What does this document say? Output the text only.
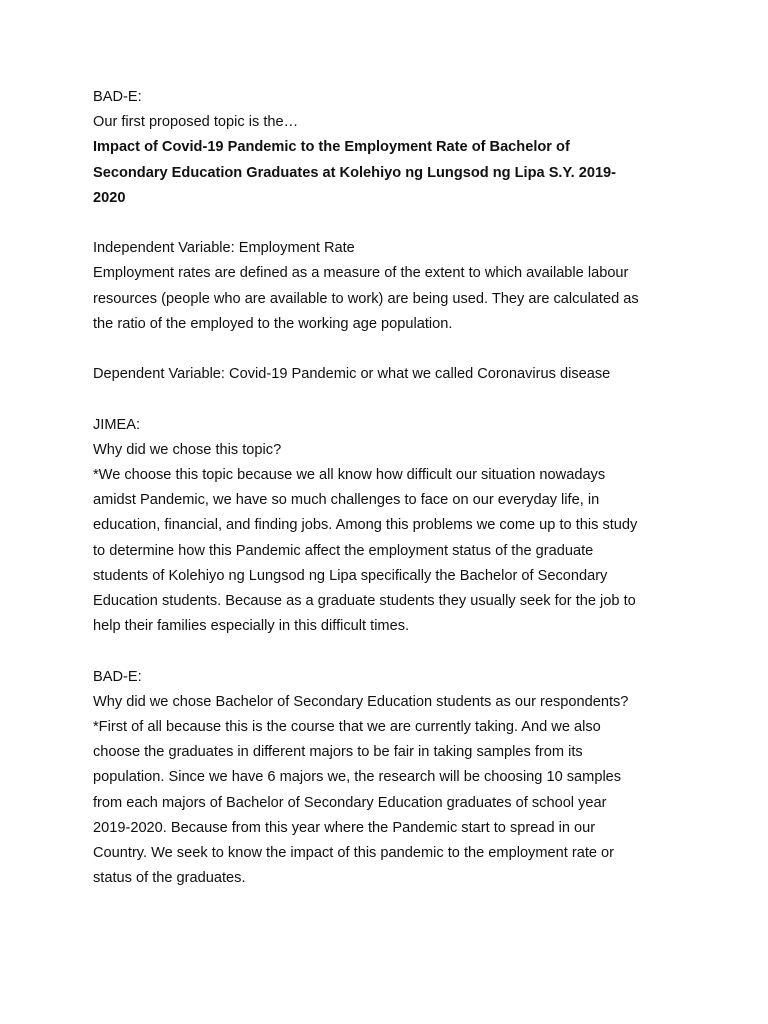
BAD-E:
Our first proposed topic is the…
Impact of Covid-19 Pandemic to the Employment Rate of Bachelor of
Secondary Education Graduates at Kolehiyo ng Lungsod ng Lipa S.Y. 2019-
2020
Independent Variable: Employment Rate
Employment rates are defined as a measure of the extent to which available labour
resources (people who are available to work) are being used. They are calculated as
the ratio of the employed to the working age population.
Dependent Variable: Covid-19 Pandemic or what we called Coronavirus disease
JIMEA:
Why did we chose this topic?
*We choose this topic because we all know how difficult our situation nowadays
amidst Pandemic, we have so much challenges to face on our everyday life, in
education, financial, and finding jobs. Among this problems we come up to this study
to determine how this Pandemic affect the employment status of the graduate
students of Kolehiyo ng Lungsod ng Lipa specifically the Bachelor of Secondary
Education students. Because as a graduate students they usually seek for the job to
help their families especially in this difficult times.
BAD-E:
Why did we chose Bachelor of Secondary Education students as our respondents?
*First of all because this is the course that we are currently taking. And we also
choose the graduates in different majors to be fair in taking samples from its
population. Since we have 6 majors we, the research will be choosing 10 samples
from each majors of Bachelor of Secondary Education graduates of school year
2019-2020. Because from this year where the Pandemic start to spread in our
Country. We seek to know the impact of this pandemic to the employment rate or
status of the graduates.
